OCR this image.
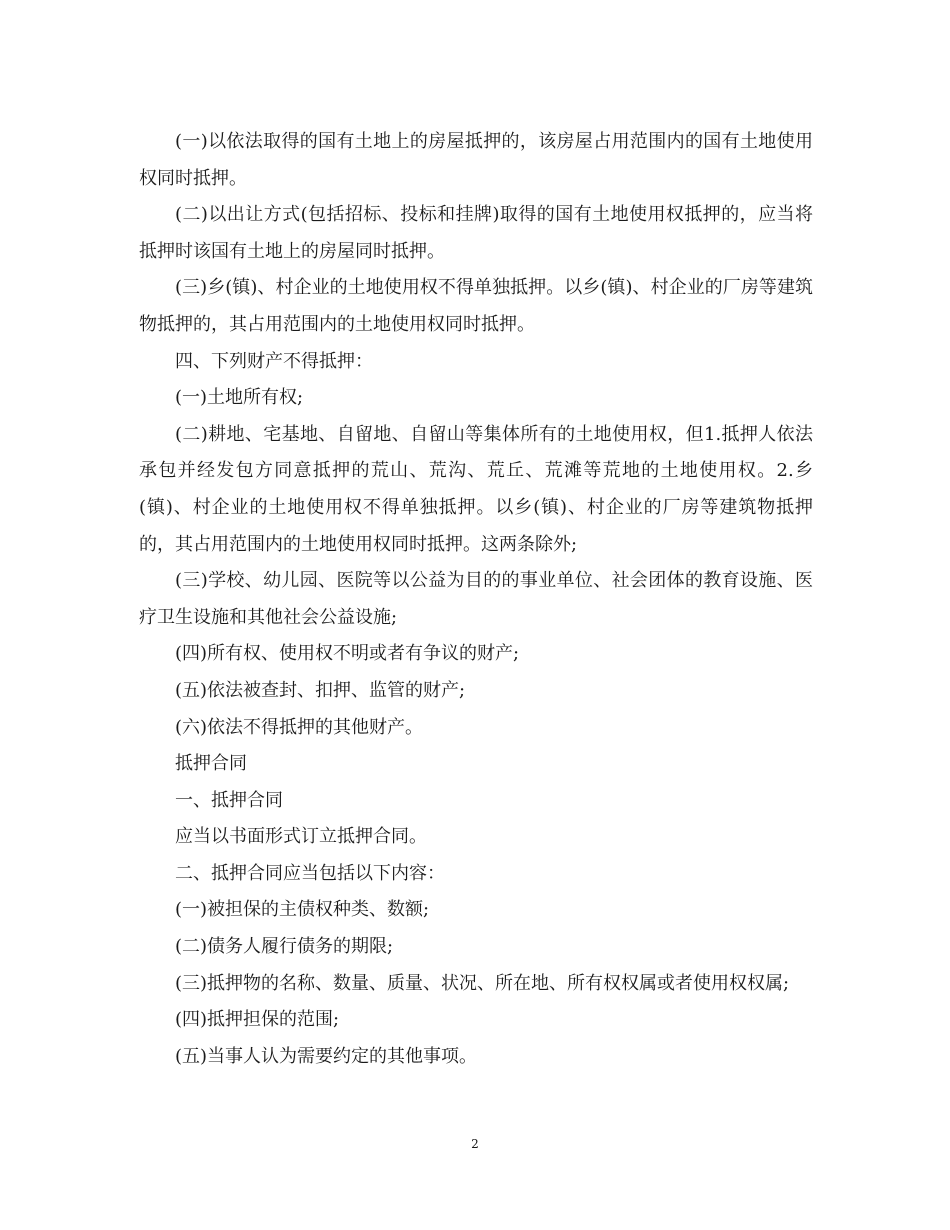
(一)以依法取得的国有土地上的房屋抵押的，该房屋占用范围内的国有土地使用权同时抵押。

(二)以出让方式(包括招标、投标和挂牌)取得的国有土地使用权抵押的，应当将抵押时该国有土地上的房屋同时抵押。

(三)乡(镇)、村企业的土地使用权不得单独抵押。以乡(镇)、村企业的厂房等建筑物抵押的，其占用范围内的土地使用权同时抵押。

四、下列财产不得抵押：

(一)土地所有权;

(二)耕地、宅基地、自留地、自留山等集体所有的土地使用权，但1.抵押人依法承包并经发包方同意抵押的荒山、荒沟、荒丘、荒滩等荒地的土地使用权。2.乡(镇)、村企业的土地使用权不得单独抵押。以乡(镇)、村企业的厂房等建筑物抵押的，其占用范围内的土地使用权同时抵押。这两条除外;

(三)学校、幼儿园、医院等以公益为目的的事业单位、社会团体的教育设施、医疗卫生设施和其他社会公益设施;

(四)所有权、使用权不明或者有争议的财产;

(五)依法被查封、扣押、监管的财产;

(六)依法不得抵押的其他财产。

抵押合同

一、抵押合同

应当以书面形式订立抵押合同。

二、抵押合同应当包括以下内容：

(一)被担保的主债权种类、数额;

(二)债务人履行债务的期限;

(三)抵押物的名称、数量、质量、状况、所在地、所有权权属或者使用权权属;

(四)抵押担保的范围;

(五)当事人认为需要约定的其他事项。

2
